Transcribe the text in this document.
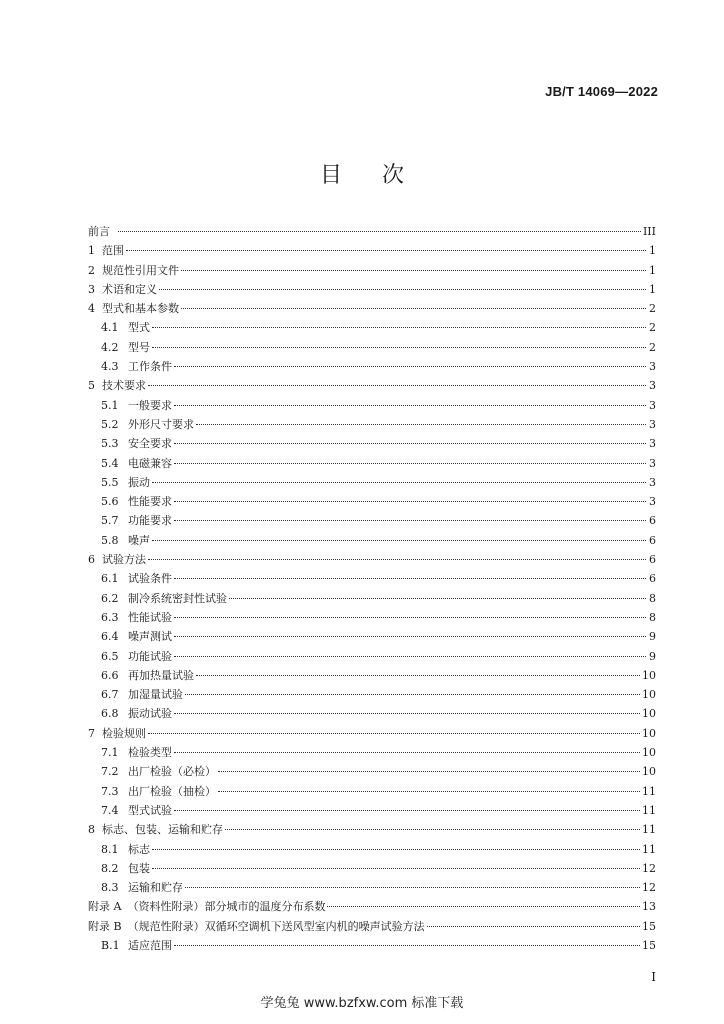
JB/T 14069—2022
目 次
前言	III
1 范围	1
2 规范性引用文件	1
3 术语和定义	1
4 型式和基本参数	2
4.1 型式	2
4.2 型号	2
4.3 工作条件	3
5 技术要求	3
5.1 一般要求	3
5.2 外形尺寸要求	3
5.3 安全要求	3
5.4 电磁兼容	3
5.5 振动	3
5.6 性能要求	3
5.7 功能要求	6
5.8 噪声	6
6 试验方法	6
6.1 试验条件	6
6.2 制冷系统密封性试验	8
6.3 性能试验	8
6.4 噪声测试	9
6.5 功能试验	9
6.6 再加热量试验	10
6.7 加湿量试验	10
6.8 振动试验	10
7 检验规则	10
7.1 检验类型	10
7.2 出厂检验（必检）	10
7.3 出厂检验（抽检）	11
7.4 型式试验	11
8 标志、包装、运输和贮存	11
8.1 标志	11
8.2 包装	12
8.3 运输和贮存	12
附录 A （资料性附录）部分城市的温度分布系数	13
附录 B （规范性附录）双循环空调机下送风型室内机的噪声试验方法	15
B.1 适应范围	15
I
学兔兔 www.bzfxw.com 标准下载
